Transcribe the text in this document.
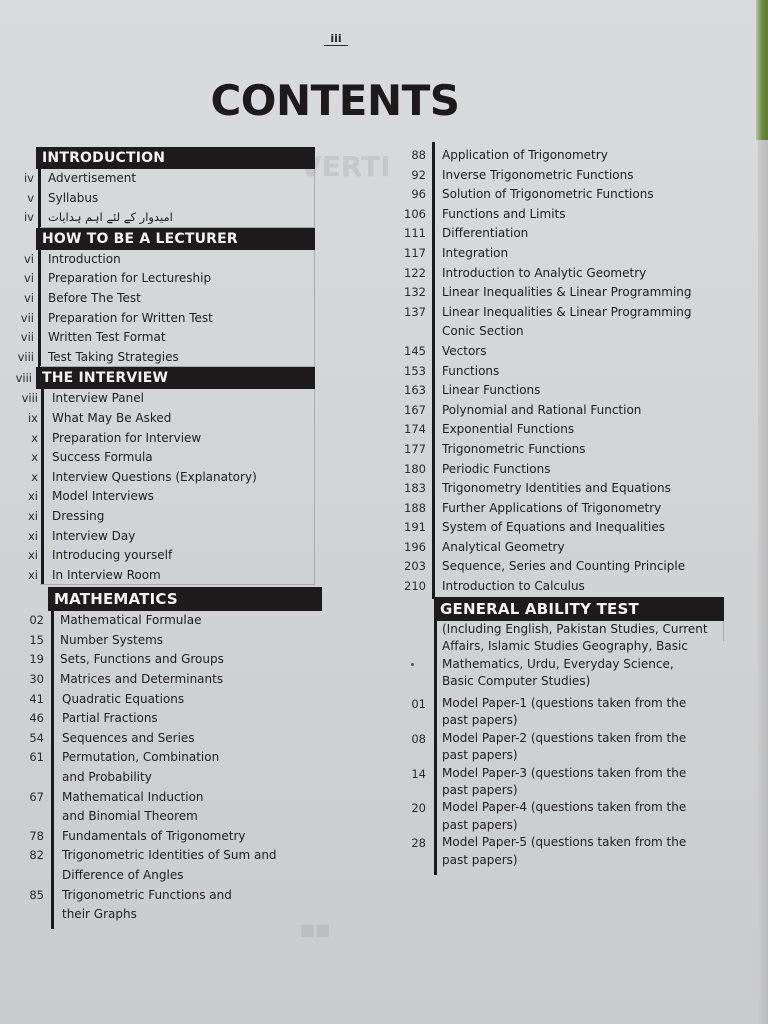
VERTI
■■
iii
CONTENTS
INTRODUCTION
iv	Advertisement
v	Syllabus
iv	امیدوار کے لئے اہم ہدایات
HOW TO BE A LECTURER
vi	Introduction
vi	Preparation for Lectureship
vi	Before The Test
vii	Preparation for Written Test
vii	Written Test Format
viii	Test Taking Strategies
viii THE INTERVIEW
viii	Interview Panel
ix	What May Be Asked
x	Preparation for Interview
x	Success Formula
x	Interview Questions (Explanatory)
xi	Model Interviews
xi	Dressing
xi	Interview Day
xi	Introducing yourself
xi	In Interview Room
MATHEMATICS
02	Mathematical Formulae
15	Number Systems
19	Sets, Functions and Groups
30	Matrices and Determinants
41	Quadratic Equations
46	Partial Fractions
54	Sequences and Series
61	Permutation, Combination
and Probability
67	Mathematical Induction
and Binomial Theorem
78	Fundamentals of Trigonometry
82	Trigonometric Identities of Sum and
Difference of Angles
85	Trigonometric Functions and
their Graphs
88	Application of Trigonometry
92	Inverse Trigonometric Functions
96	Solution of Trigonometric Functions
106	Functions and Limits
111	Differentiation
117	Integration
122	Introduction to Analytic Geometry
132	Linear Inequalities & Linear Programming
137	Linear Inequalities & Linear Programming
Conic Section
145	Vectors
153	Functions
163	Linear Functions
167	Polynomial and Rational Function
174	Exponential Functions
177	Trigonometric Functions
180	Periodic Functions
183	Trigonometry Identities and Equations
188	Further Applications of Trigonometry
191	System of Equations and Inequalities
196	Analytical Geometry
203	Sequence, Series and Counting Principle
210	Introduction to Calculus
GENERAL ABILITY TEST
(Including English, Pakistan Studies, Current
Affairs, Islamic Studies Geography, Basic
Mathematics, Urdu, Everyday Science,
Basic Computer Studies)
01	Model Paper-1 (questions taken from the
past papers)
08	Model Paper-2 (questions taken from the
past papers)
14	Model Paper-3 (questions taken from the
past papers)
20	Model Paper-4 (questions taken from the
past papers)
28	Model Paper-5 (questions taken from the
past papers)
